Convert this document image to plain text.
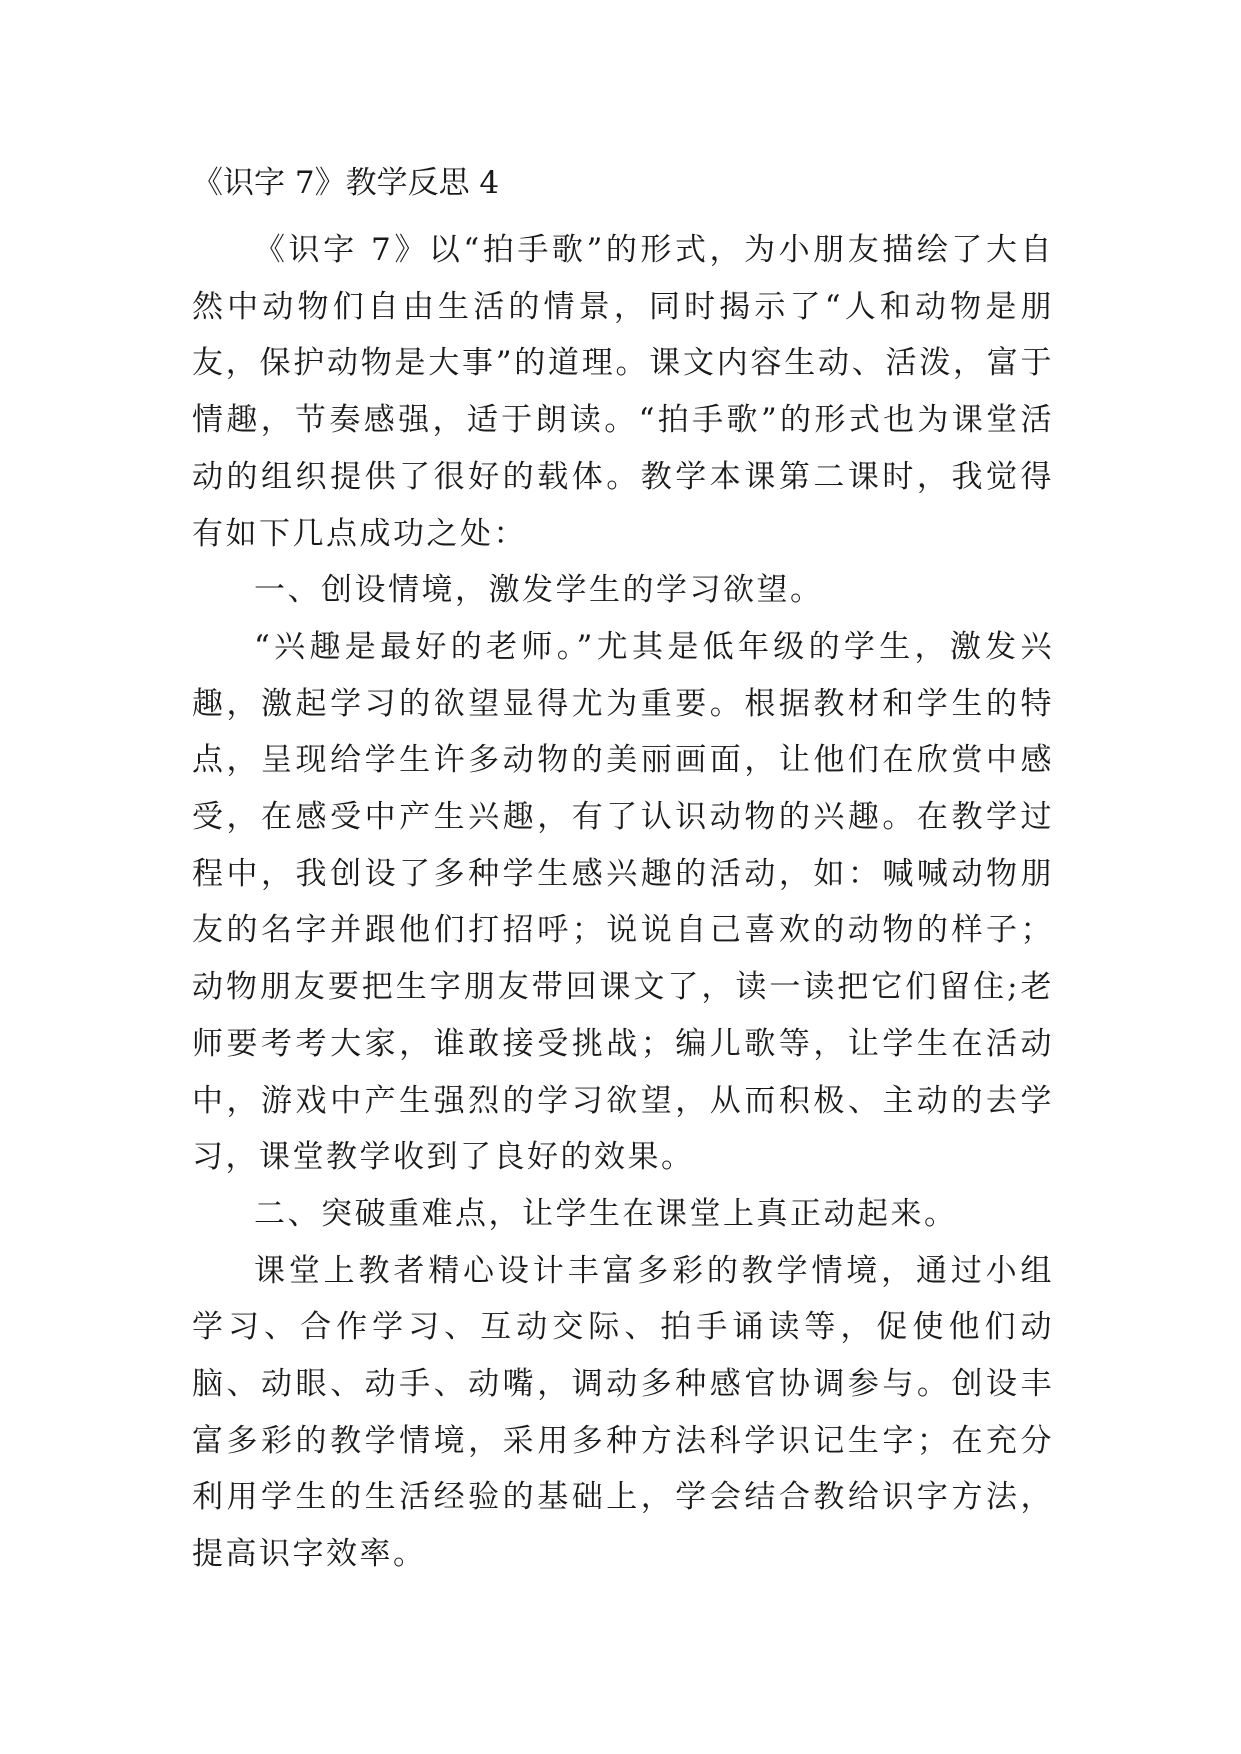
《识字 7》教学反思 4

《识字 7》以“拍手歌”的形式，为小朋友描绘了大自然中动物们自由生活的情景，同时揭示了“人和动物是朋友，保护动物是大事”的道理。课文内容生动、活泼，富于情趣，节奏感强，适于朗读。“拍手歌”的形式也为课堂活动的组织提供了很好的载体。教学本课第二课时，我觉得有如下几点成功之处：

一、创设情境，激发学生的学习欲望。

“兴趣是最好的老师。”尤其是低年级的学生，激发兴趣，激起学习的欲望显得尤为重要。根据教材和学生的特点，呈现给学生许多动物的美丽画面，让他们在欣赏中感受，在感受中产生兴趣，有了认识动物的兴趣。在教学过程中，我创设了多种学生感兴趣的活动，如：喊喊动物朋友的名字并跟他们打招呼；说说自己喜欢的动物的样子；动物朋友要把生字朋友带回课文了，读一读把它们留住;老师要考考大家，谁敢接受挑战；编儿歌等，让学生在活动中，游戏中产生强烈的学习欲望，从而积极、主动的去学习，课堂教学收到了良好的效果。

二、突破重难点，让学生在课堂上真正动起来。

课堂上教者精心设计丰富多彩的教学情境，通过小组学习、合作学习、互动交际、拍手诵读等，促使他们动脑、动眼、动手、动嘴，调动多种感官协调参与。创设丰富多彩的教学情境，采用多种方法科学识记生字；在充分利用学生的生活经验的基础上，学会结合教给识字方法，提高识字效率。
